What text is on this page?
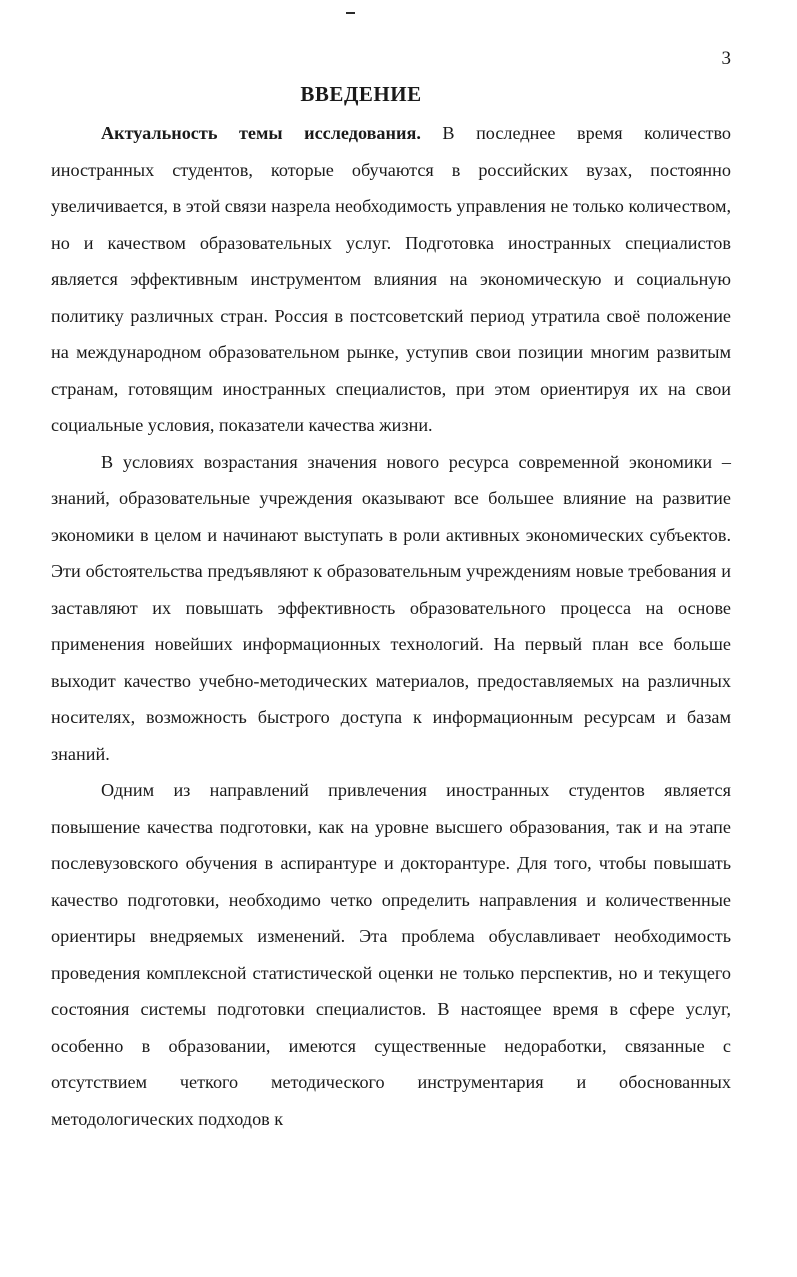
3
ВВЕДЕНИЕ

Актуальность темы исследования. В последнее время количество иностранных студентов, которые обучаются в российских вузах, постоянно увеличивается, в этой связи назрела необходимость управления не только количеством, но и качеством образовательных услуг. Подготовка иностранных специалистов является эффективным инструментом влияния на экономическую и социальную политику различных стран. Россия в постсоветский период утратила своё положение на международном образовательном рынке, уступив свои позиции многим развитым странам, готовящим иностранных специалистов, при этом ориентируя их на свои социальные условия, показатели качества жизни.

В условиях возрастания значения нового ресурса современной экономики – знаний, образовательные учреждения оказывают все большее влияние на развитие экономики в целом и начинают выступать в роли активных экономических субъектов. Эти обстоятельства предъявляют к образовательным учреждениям новые требования и заставляют их повышать эффективность образовательного процесса на основе применения новейших информационных технологий. На первый план все больше выходит качество учебно-методических материалов, предоставляемых на различных носителях, возможность быстрого доступа к информационным ресурсам и базам знаний.

Одним из направлений привлечения иностранных студентов является повышение качества подготовки, как на уровне высшего образования, так и на этапе послевузовского обучения в аспирантуре и докторантуре. Для того, чтобы повышать качество подготовки, необходимо четко определить направления и количественные ориентиры внедряемых изменений. Эта проблема обуславливает необходимость проведения комплексной статистической оценки не только перспектив, но и текущего состояния системы подготовки специалистов. В настоящее время в сфере услуг, особенно в образовании, имеются существенные недоработки, связанные с отсутствием четкого методического инструментария и обоснованных методологических подходов к
